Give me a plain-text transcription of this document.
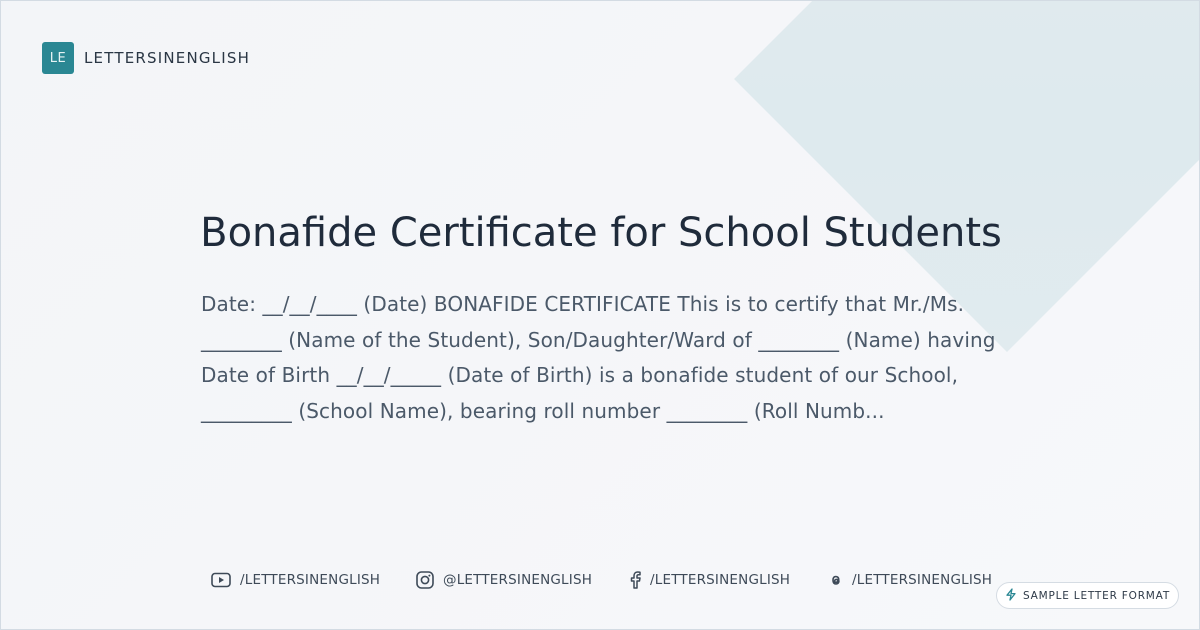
LE	LETTERSINENGLISH
Bonafide Certificate for School Students
Date: __/__/____ (Date) BONAFIDE CERTIFICATE This is to certify that Mr./Ms. ________ (Name of the Student), Son/Daughter/Ward of ________ (Name) having Date of Birth __/__/_____ (Date of Birth) is a bonafide student of our School, _________ (School Name), bearing roll number ________ (Roll Numb...
/LETTERSINENGLISH	@LETTERSINENGLISH	/LETTERSINENGLISH	/LETTERSINENGLISH
SAMPLE LETTER FORMAT
